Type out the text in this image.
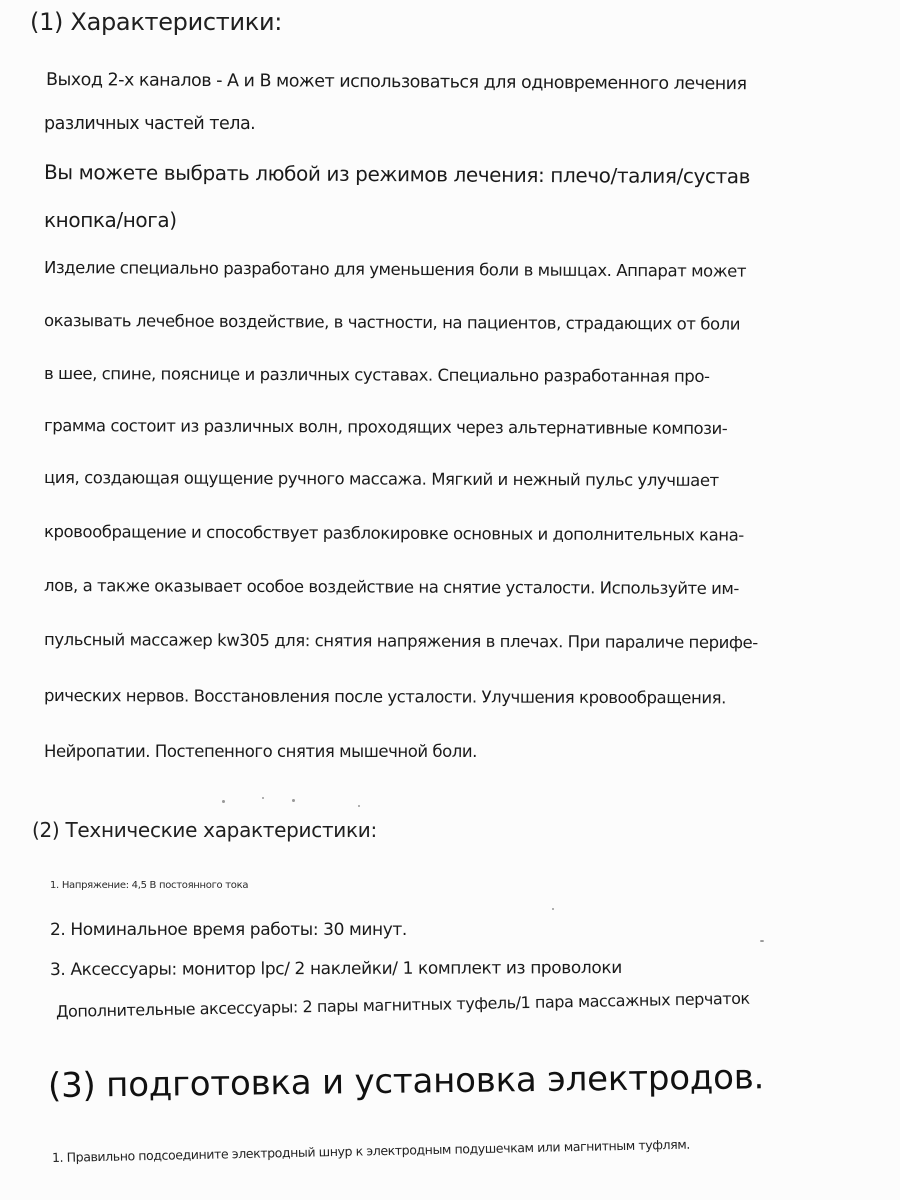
(1) Характеристики:
Выход 2-х каналов - А и В может использоваться для одновременного лечения
различных частей тела.
Вы можете выбрать любой из режимов лечения: плечо/талия/сустав
кнопка/нога)
Изделие специально разработано для уменьшения боли в мышцах. Аппарат может
оказывать лечебное воздействие, в частности, на пациентов, страдающих от боли
в шее, спине, пояснице и различных суставах. Специально разработанная про-
грамма состоит из различных волн, проходящих через альтернативные компози-
ция, создающая ощущение ручного массажа. Мягкий и нежный пульс улучшает
кровообращение и способствует разблокировке основных и дополнительных кана-
лов, а также оказывает особое воздействие на снятие усталости. Используйте им-
пульсный массажер kw305 для: снятия напряжения в плечах. При параличе перифе-
рических нервов. Восстановления после усталости. Улучшения кровообращения.
Нейропатии. Постепенного снятия мышечной боли.
(2) Технические характеристики:
1. Напряжение: 4,5 В постоянного тока
2. Номинальное время работы: 30 минут.
3. Аксессуары: монитор lpc/ 2 наклейки/ 1 комплект из проволоки
Дополнительные аксессуары: 2 пары магнитных туфель/1 пара массажных перчаток
(3) подготовка и установка электродов.
1. Правильно подсоедините электродный шнур к электродным подушечкам или магнитным туфлям.
